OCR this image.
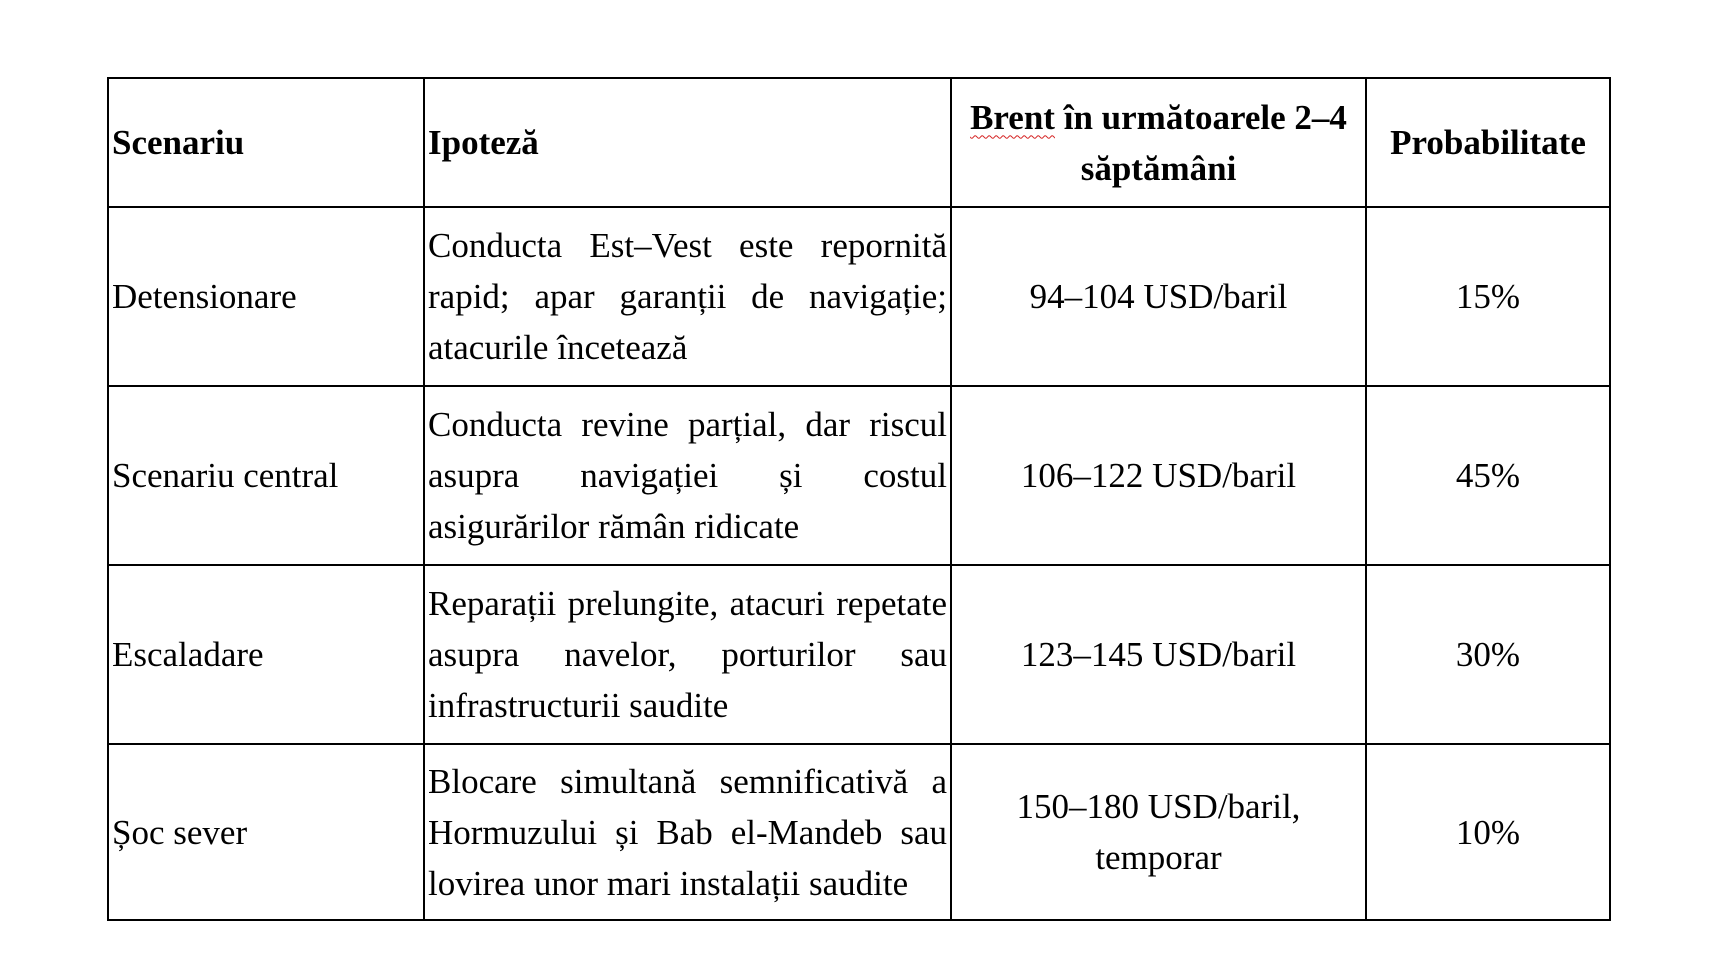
Scenariu	Ipoteză	Brent în următoarele 2–4 săptămâni	Probabilitate
Detensionare	Conducta Est–Vest este repornită rapid; apar garanții de navigație; atacurile încetează	94–104 USD/baril	15%
Scenariu central	Conducta revine parțial, dar riscul asupra navigației și costul asigurărilor rămân ridicate	106–122 USD/baril	45%
Escaladare	Reparații prelungite, atacuri repetate asupra navelor, porturilor sau infrastructurii saudite	123–145 USD/baril	30%
Șoc sever	Blocare simultană semnificativă a Hormuzului și Bab el-Mandeb sau lovirea unor mari instalații saudite	150–180 USD/baril, temporar	10%
